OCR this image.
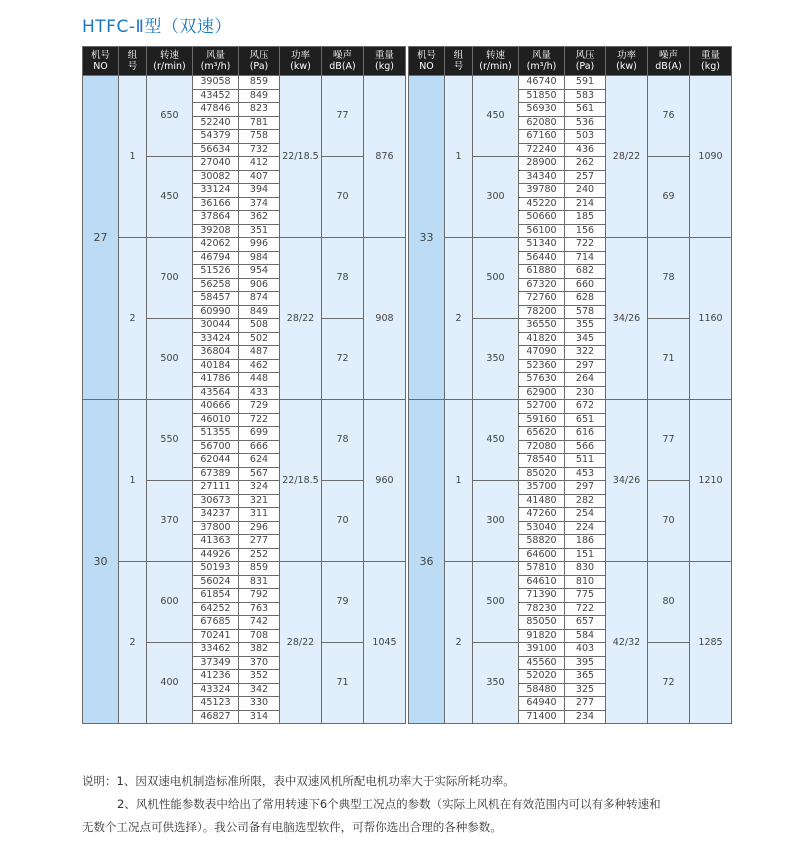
HTFC-Ⅱ型（双速）
机号
NO	组
号	转速
(r/min)	风量
(m³/h)	风压
(Pa)	功率
(kw)	噪声
dB(A)	重量
(kg)
27	1	650	39058	859	22/18.5	77	876
			43452	849			
			47846	823			
			52240	781			
			54379	758			
			56634	732			
		450	27040	412		70	
			30082	407			
			33124	394			
			36166	374			
			37864	362			
			39208	351			
	2	700	42062	996	28/22	78	908
			46794	984			
			51526	954			
			56258	906			
			58457	874			
			60990	849			
		500	30044	508		72	
			33424	502			
			36804	487			
			40184	462			
			41786	448			
			43564	433			
30	1	550	40666	729	22/18.5	78	960
			46010	722			
			51355	699			
			56700	666			
			62044	624			
			67389	567			
		370	27111	324		70	
			30673	321			
			34237	311			
			37800	296			
			41363	277			
			44926	252			
	2	600	50193	859	28/22	79	1045
			56024	831			
			61854	792			
			64252	763			
			67685	742			
			70241	708			
		400	33462	382		71	
			37349	370			
			41236	352			
			43324	342			
			45123	330			
			46827	314			
机号
NO	组
号	转速
(r/min)	风量
(m³/h)	风压
(Pa)	功率
(kw)	噪声
dB(A)	重量
(kg)
33	1	450	46740	591	28/22	76	1090
			51850	583			
			56930	561			
			62080	536			
			67160	503			
			72240	436			
		300	28900	262		69	
			34340	257			
			39780	240			
			45220	214			
			50660	185			
			56100	156			
	2	500	51340	722	34/26	78	1160
			56440	714			
			61880	682			
			67320	660			
			72760	628			
			78200	578			
		350	36550	355		71	
			41820	345			
			47090	322			
			52360	297			
			57630	264			
			62900	230			
36	1	450	52700	672	34/26	77	1210
			59160	651			
			65620	616			
			72080	566			
			78540	511			
			85020	453			
		300	35700	297		70	
			41480	282			
			47260	254			
			53040	224			
			58820	186			
			64600	151			
	2	500	57810	830	42/32	80	1285
			64610	810			
			71390	775			
			78230	722			
			85050	657			
			91820	584			
		350	39100	403		72	
			45560	395			
			52020	365			
			58480	325			
			64940	277			
			71400	234			

说明：1、因双速电机制造标准所限，表中双速风机所配电机功率大于实际所耗功率。

2、风机性能参数表中给出了常用转速下6个典型工况点的参数（实际上风机在有效范围内可以有多种转速和

无数个工况点可供选择）。我公司备有电脑选型软件，可帮你选出合理的各种参数。
